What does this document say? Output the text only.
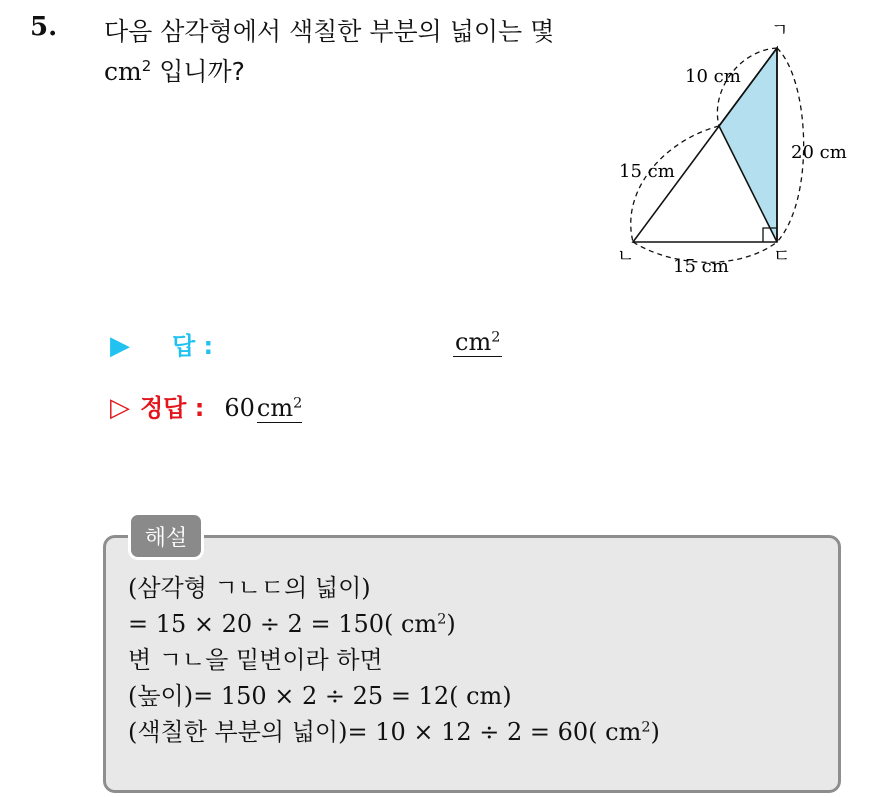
5. 다음 삼각형에서 색칠한 부분의 넓이는 몇
$cm^2$ 입니까?
ㄱ
ㄴ	ㄷ
10 cm
15 cm
20 cm
15 cm
▶	답 :	$cm^2$
▷ 정답 : 60 $cm^2$
해설
(삼각형 ㄱㄴㄷ의 넓이)
= 15 × 20 ÷ 2 = 150( $cm^2$)
변 ㄱㄴ을 밑변이라 하면
(높이)= 150 × 2 ÷ 25 = 12( cm)
(색칠한 부분의 넓이)= 10 × 12 ÷ 2 = 60( $cm^2$)
